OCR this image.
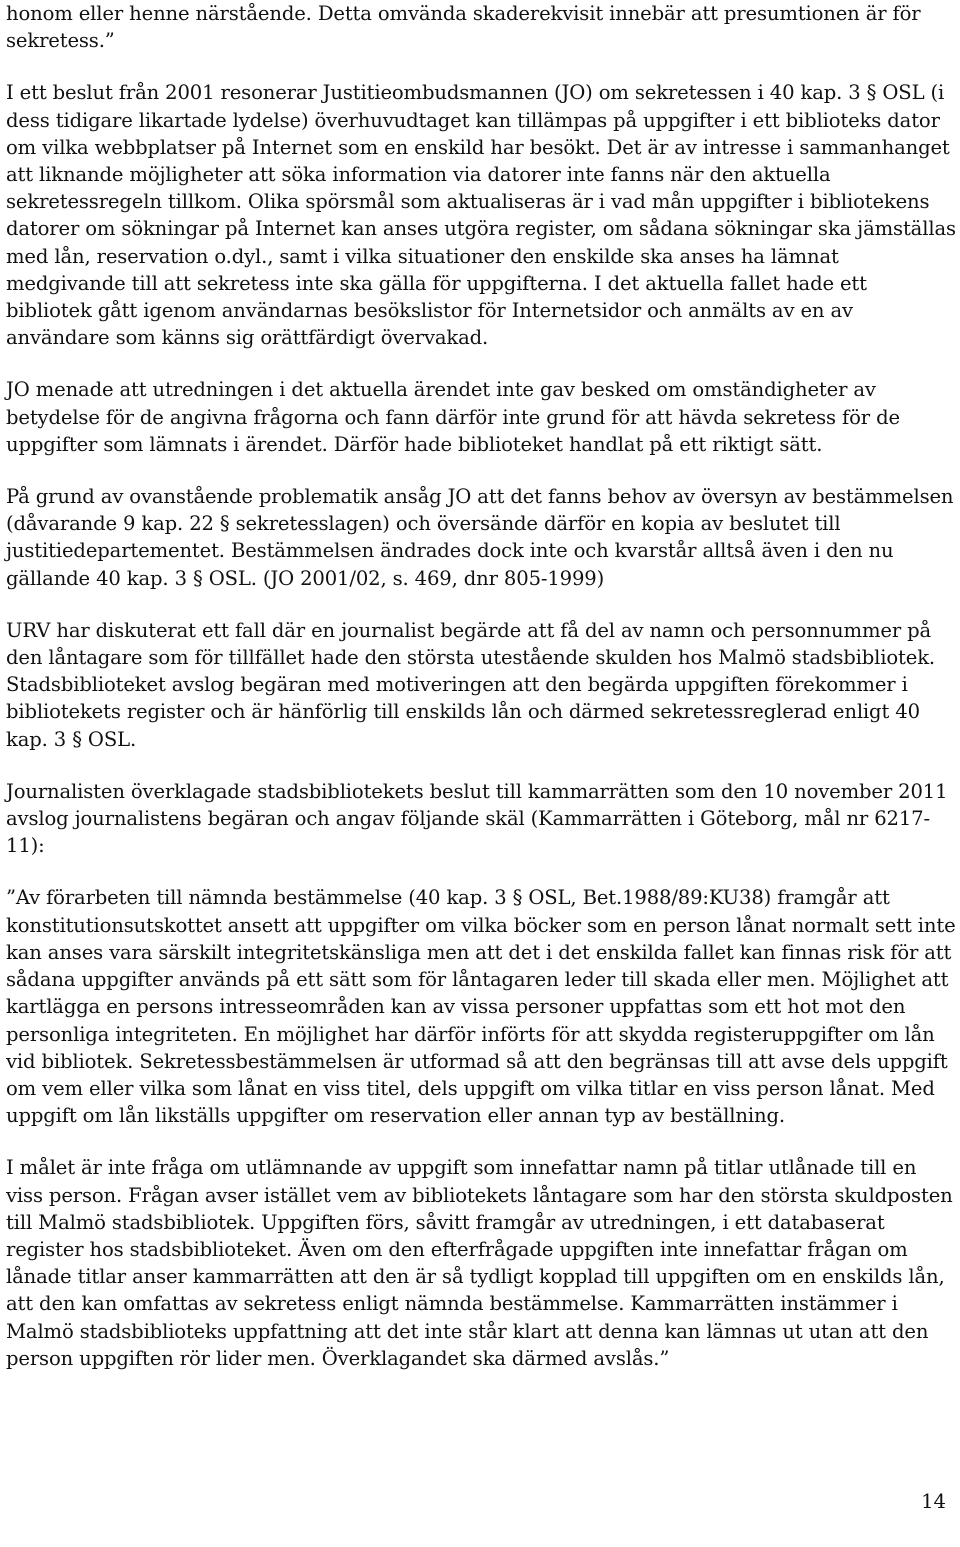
honom eller henne närstående. Detta omvända skaderekvisit innebär att presumtionen är för sekretess.”

I ett beslut från 2001 resonerar Justitieombudsmannen (JO) om sekretessen i 40 kap. 3 § OSL (i dess tidigare likartade lydelse) överhuvudtaget kan tillämpas på uppgifter i ett biblioteks dator om vilka webbplatser på Internet som en enskild har besökt. Det är av intresse i sammanhanget att liknande möjligheter att söka information via datorer inte fanns när den aktuella sekretessregeln tillkom. Olika spörsmål som aktualiseras är i vad mån uppgifter i bibliotekens datorer om sökningar på Internet kan anses utgöra register, om sådana sökningar ska jämställas med lån, reservation o.dyl., samt i vilka situationer den enskilde ska anses ha lämnat medgivande till att sekretess inte ska gälla för uppgifterna. I det aktuella fallet hade ett bibliotek gått igenom användarnas besökslistor för Internetsidor och anmälts av en av användare som känns sig orättfärdigt övervakad.

JO menade att utredningen i det aktuella ärendet inte gav besked om omständigheter av betydelse för de angivna frågorna och fann därför inte grund för att hävda sekretess för de uppgifter som lämnats i ärendet. Därför hade biblioteket handlat på ett riktigt sätt.

På grund av ovanstående problematik ansåg JO att det fanns behov av översyn av bestämmelsen (dåvarande 9 kap. 22 § sekretesslagen) och översände därför en kopia av beslutet till justitiedepartementet. Bestämmelsen ändrades dock inte och kvarstår alltså även i den nu gällande 40 kap. 3 § OSL. (JO 2001/02, s. 469, dnr 805-1999)

URV har diskuterat ett fall där en journalist begärde att få del av namn och personnummer på den låntagare som för tillfället hade den största utestående skulden hos Malmö stadsbibliotek. Stadsbiblioteket avslog begäran med motiveringen att den begärda uppgiften förekommer i bibliotekets register och är hänförlig till enskilds lån och därmed sekretessreglerad enligt 40 kap. 3 § OSL.

Journalisten överklagade stadsbibliotekets beslut till kammarrätten som den 10 november 2011 avslog journalistens begäran och angav följande skäl (Kammarrätten i Göteborg, mål nr 6217-11):

”Av förarbeten till nämnda bestämmelse (40 kap. 3 § OSL, Bet.1988/89:KU38) framgår att konstitutionsutskottet ansett att uppgifter om vilka böcker som en person lånat normalt sett inte kan anses vara särskilt integritetskänsliga men att det i det enskilda fallet kan finnas risk för att sådana uppgifter används på ett sätt som för låntagaren leder till skada eller men. Möjlighet att kartlägga en persons intresseområden kan av vissa personer uppfattas som ett hot mot den personliga integriteten. En möjlighet har därför införts för att skydda registeruppgifter om lån vid bibliotek. Sekretessbestämmelsen är utformad så att den begränsas till att avse dels uppgift om vem eller vilka som lånat en viss titel, dels uppgift om vilka titlar en viss person lånat. Med uppgift om lån likställs uppgifter om reservation eller annan typ av beställning.

I målet är inte fråga om utlämnande av uppgift som innefattar namn på titlar utlånade till en viss person. Frågan avser istället vem av bibliotekets låntagare som har den största skuldposten till Malmö stadsbibliotek. Uppgiften förs, såvitt framgår av utredningen, i ett databaserat register hos stadsbiblioteket. Även om den efterfrågade uppgiften inte innefattar frågan om lånade titlar anser kammarrätten att den är så tydligt kopplad till uppgiften om en enskilds lån, att den kan omfattas av sekretess enligt nämnda bestämmelse. Kammarrätten instämmer i Malmö stadsbiblioteks uppfattning att det inte står klart att denna kan lämnas ut utan att den person uppgiften rör lider men. Överklagandet ska därmed avslås.”

14
